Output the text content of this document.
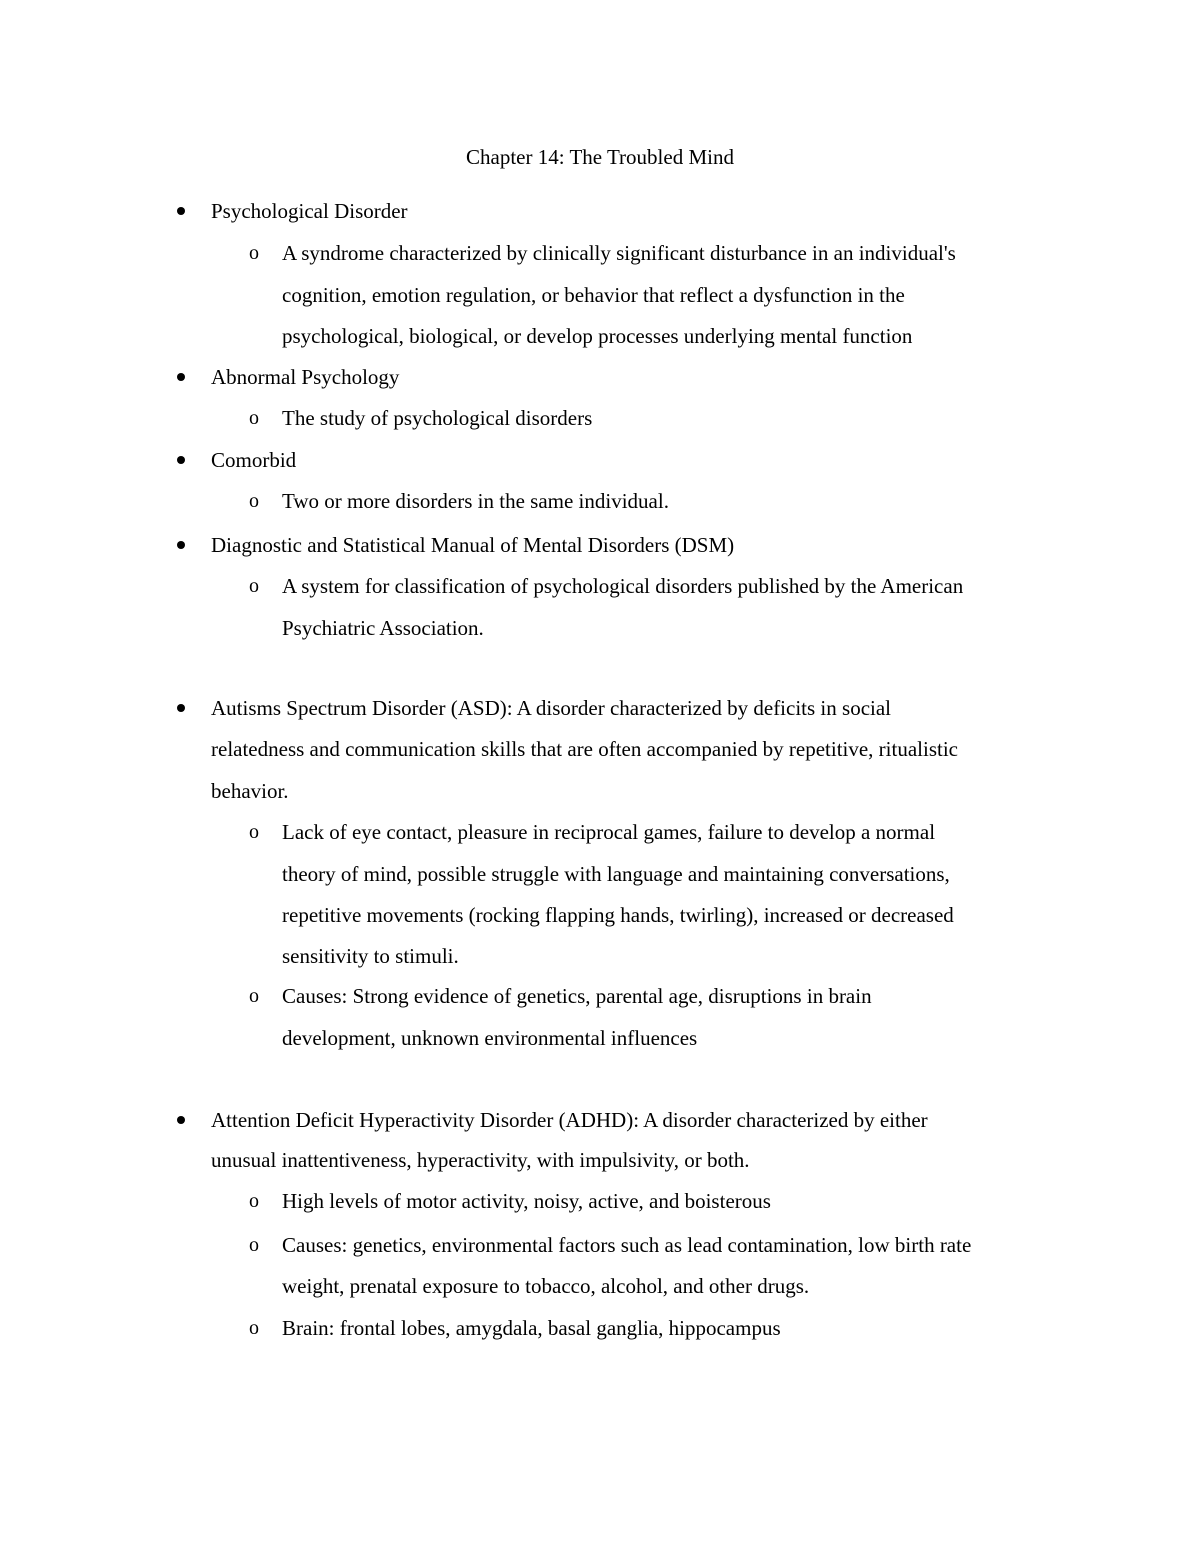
Chapter 14: The Troubled Mind
Psychological Disorder
o A syndrome characterized by clinically significant disturbance in an individual's
cognition, emotion regulation, or behavior that reflect a dysfunction in the
psychological, biological, or develop processes underlying mental function
Abnormal Psychology
o The study of psychological disorders
Comorbid
o Two or more disorders in the same individual.
Diagnostic and Statistical Manual of Mental Disorders (DSM)
o A system for classification of psychological disorders published by the American
Psychiatric Association.
Autisms Spectrum Disorder (ASD): A disorder characterized by deficits in social
relatedness and communication skills that are often accompanied by repetitive, ritualistic
behavior.
o Lack of eye contact, pleasure in reciprocal games, failure to develop a normal
theory of mind, possible struggle with language and maintaining conversations,
repetitive movements (rocking flapping hands, twirling), increased or decreased
sensitivity to stimuli.
o Causes: Strong evidence of genetics, parental age, disruptions in brain
development, unknown environmental influences
Attention Deficit Hyperactivity Disorder (ADHD): A disorder characterized by either
unusual inattentiveness, hyperactivity, with impulsivity, or both.
o High levels of motor activity, noisy, active, and boisterous
o Causes: genetics, environmental factors such as lead contamination, low birth rate
weight, prenatal exposure to tobacco, alcohol, and other drugs.
o Brain: frontal lobes, amygdala, basal ganglia, hippocampus
